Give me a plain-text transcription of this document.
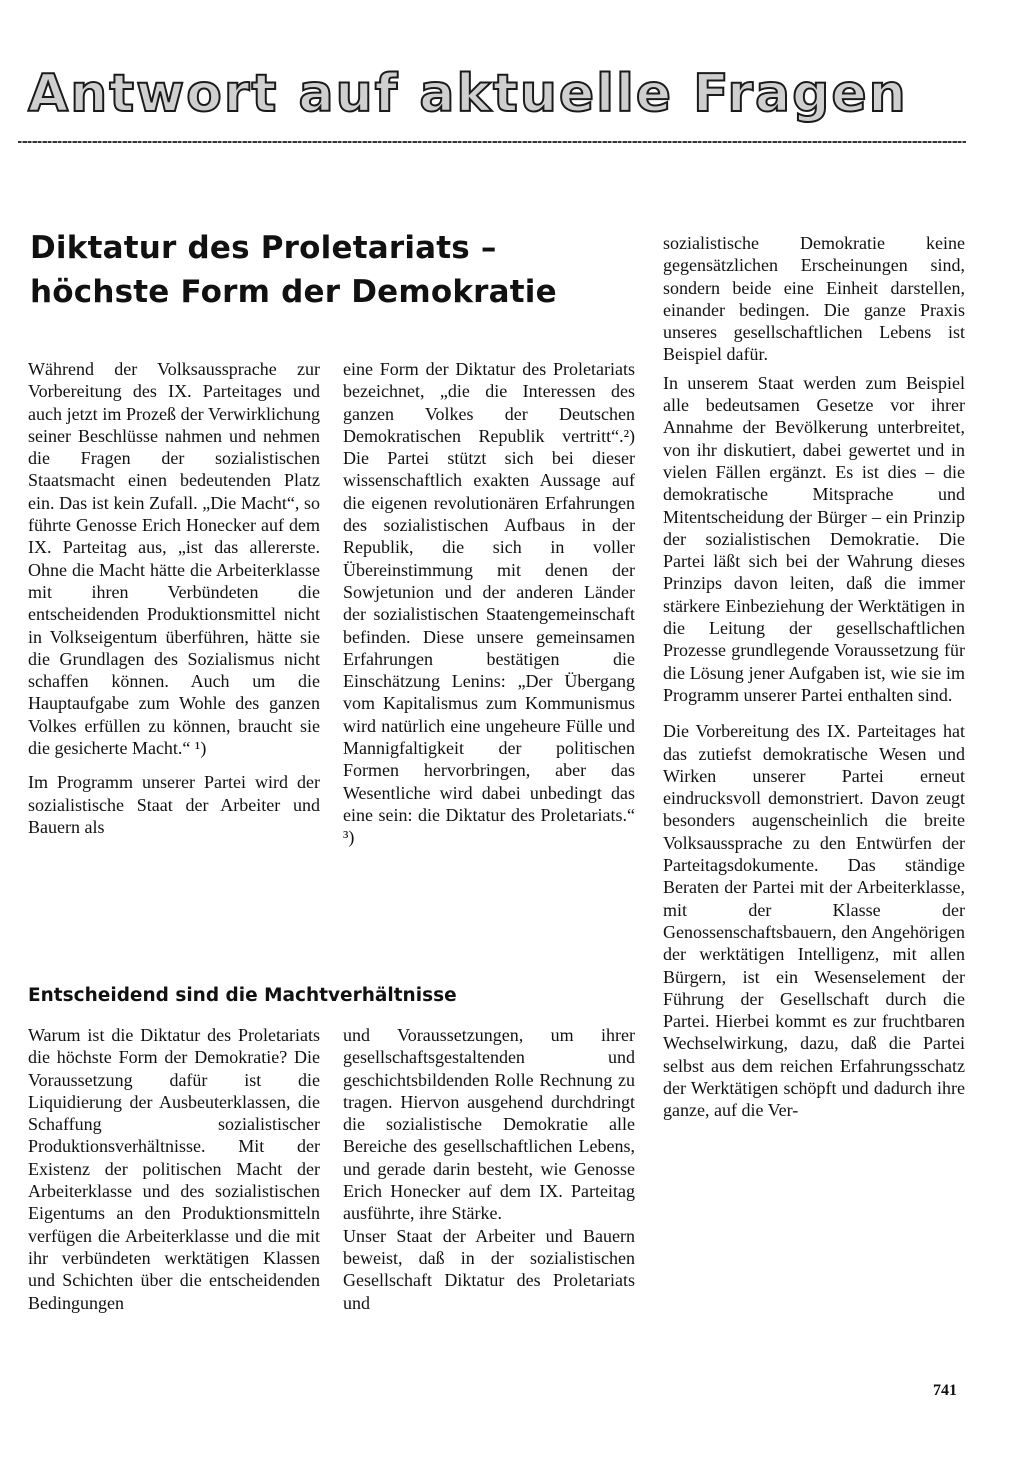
Antwort auf aktuelle Fragen
Diktatur des Proletariats –
höchste Form der Demokratie

Während der Volksaussprache zur Vorbereitung des IX. Parteitages und auch jetzt im Prozeß der Verwirklichung seiner Beschlüsse nahmen und nehmen die Fragen der sozialistischen Staatsmacht einen bedeutenden Platz ein. Das ist kein Zufall. „Die Macht“, so führte Genosse Erich Honecker auf dem IX. Parteitag aus, „ist das allererste. Ohne die Macht hätte die Arbeiterklasse mit ihren Verbündeten die entscheidenden Produktionsmittel nicht in Volkseigentum überführen, hätte sie die Grundlagen des Sozialismus nicht schaffen können. Auch um die Hauptaufgabe zum Wohle des ganzen Volkes erfüllen zu können, braucht sie die gesicherte Macht.“ ¹)

Im Programm unserer Partei wird der sozialistische Staat der Arbeiter und Bauern als

eine Form der Diktatur des Proletariats bezeichnet, „die die Interessen des ganzen Volkes der Deutschen Demokratischen Republik vertritt“.²) Die Partei stützt sich bei dieser wissenschaftlich exakten Aussage auf die eigenen revolutionären Erfahrungen des sozialistischen Aufbaus in der Republik, die sich in voller Übereinstimmung mit denen der Sowjetunion und der anderen Länder der sozialistischen Staatengemeinschaft befinden. Diese unsere gemeinsamen Erfahrungen bestätigen die Einschätzung Lenins: „Der Übergang vom Kapitalismus zum Kommunismus wird natürlich eine ungeheure Fülle und Mannigfaltigkeit der politischen Formen hervorbringen, aber das Wesentliche wird dabei unbedingt das eine sein: die Diktatur des Proletariats.“ ³)

sozialistische Demokratie keine gegensätzlichen Erscheinungen sind, sondern beide eine Einheit darstellen, einander bedingen. Die ganze Praxis unseres gesellschaftlichen Lebens ist Beispiel dafür.

In unserem Staat werden zum Beispiel alle bedeutsamen Gesetze vor ihrer Annahme der Bevölkerung unterbreitet, von ihr diskutiert, dabei gewertet und in vielen Fällen ergänzt. Es ist dies – die demokratische Mitsprache und Mitentscheidung der Bürger – ein Prinzip der sozialistischen Demokratie. Die Partei läßt sich bei der Wahrung dieses Prinzips davon leiten, daß die immer stärkere Einbeziehung der Werktätigen in die Leitung der gesellschaftlichen Prozesse grundlegende Voraussetzung für die Lösung jener Aufgaben ist, wie sie im Programm unserer Partei enthalten sind.

Die Vorbereitung des IX. Parteitages hat das zutiefst demokratische Wesen und Wirken unserer Partei erneut eindrucksvoll demonstriert. Davon zeugt besonders augenscheinlich die breite Volksaussprache zu den Entwürfen der Parteitagsdokumente. Das ständige Beraten der Partei mit der Arbeiterklasse, mit der Klasse der Genossenschaftsbauern, den Angehörigen der werktätigen Intelligenz, mit allen Bürgern, ist ein Wesenselement der Führung der Gesellschaft durch die Partei. Hierbei kommt es zur fruchtbaren Wechselwirkung, dazu, daß die Partei selbst aus dem reichen Erfahrungsschatz der Werktätigen schöpft und dadurch ihre ganze, auf die Ver-

Entscheidend sind die Machtverhältnisse

Warum ist die Diktatur des Proletariats die höchste Form der Demokratie? Die Voraussetzung dafür ist die Liquidierung der Ausbeuterklassen, die Schaffung sozialistischer Produktionsverhältnisse. Mit der Existenz der politischen Macht der Arbeiterklasse und des sozialistischen Eigentums an den Produktionsmitteln verfügen die Arbeiterklasse und die mit ihr verbündeten werktätigen Klassen und Schichten über die entscheidenden Bedingungen

und Voraussetzungen, um ihrer gesellschaftsgestaltenden und geschichtsbildenden Rolle Rechnung zu tragen. Hiervon ausgehend durchdringt die sozialistische Demokratie alle Bereiche des gesellschaftlichen Lebens, und gerade darin besteht, wie Genosse Erich Honecker auf dem IX. Parteitag ausführte, ihre Stärke.

Unser Staat der Arbeiter und Bauern beweist, daß in der sozialistischen Gesellschaft Diktatur des Proletariats und

741
